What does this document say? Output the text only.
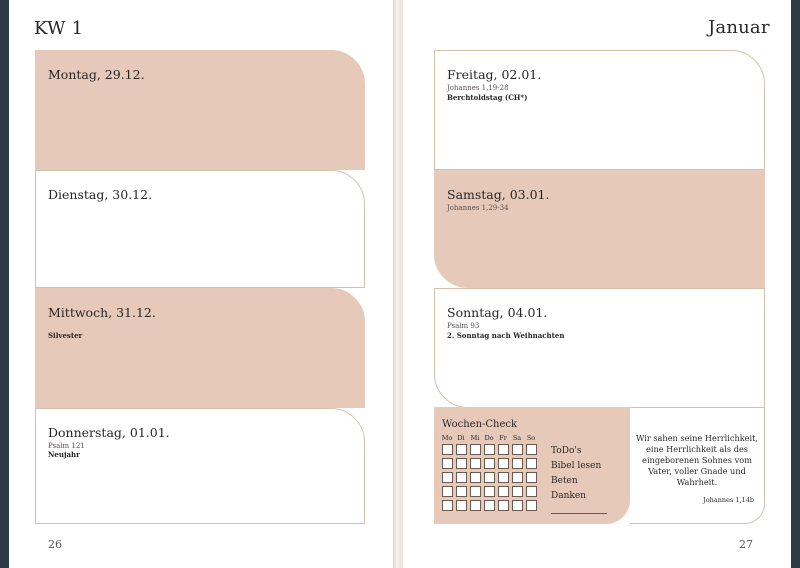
KW 1
Montag, 29.12.
Dienstag, 30.12.
Mittwoch, 31.12.
Silvester
Donnerstag, 01.01.
Psalm 121
Neujahr
26
Januar
Freitag, 02.01.
Johannes 1,19-28
Berchtoldstag (CH*)
Samstag, 03.01.
Johannes 1,29-34
Sonntag, 04.01.
Psalm 93
2. Sonntag nach Weihnachten
Wochen-Check
Mo Di Mi Do Fr Sa So
ToDo's
Bibel lesen
Beten
Danken
Wir sahen seine Herrlichkeit, eine Herrlichkeit als des eingeborenen Sohnes vom Vater, voller Gnade und Wahrheit.
Johannes 1,14b
27
